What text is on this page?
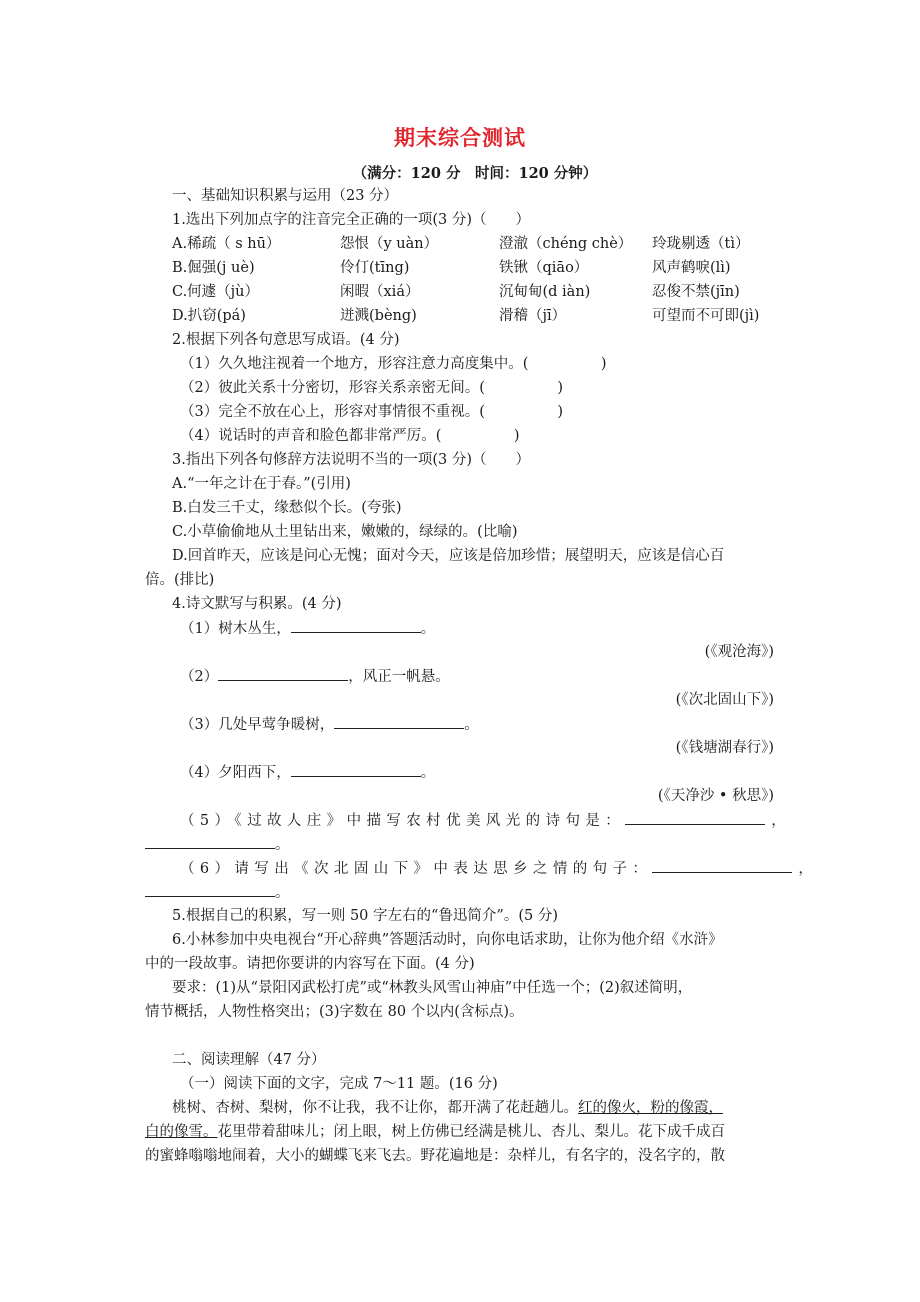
期末综合测试
（满分：120 分　时间：120 分钟）
一、基础知识积累与运用（23 分）
1.选出下列加点字的注音完全正确的一项(3 分)（　　）
A.稀疏（ s hū）	怨恨（y uàn）	澄澈（chéng chè） 玲珑剔透（tì）
B.倔强(j uè)	伶仃(tīng)	铁锹（qiāo）	风声鹤唳(lì)
C.何遽（jù）	闲暇（xiá）	沉甸甸(d iàn)	忍俊不禁(jīn)
D.扒窃(pá)	迸溅(bèng)	滑稽（jī）	可望而不可即(jì)
2.根据下列各句意思写成语。(4 分)
（1）久久地注视着一个地方，形容注意力高度集中。(　　　　　)
（2）彼此关系十分密切，形容关系亲密无间。(　　　　　)
（3）完全不放在心上，形容对事情很不重视。(　　　　　)
（4）说话时的声音和脸色都非常严厉。(　　　　　)
3.指出下列各句修辞方法说明不当的一项(3 分)（　　）
A.“一年之计在于春。”(引用)
B.白发三千丈，缘愁似个长。(夸张)
C.小草偷偷地从土里钻出来，嫩嫩的，绿绿的。(比喻)
D.回首昨天，应该是问心无愧；面对今天，应该是倍加珍惜；展望明天，应该是信心百
倍。(排比)
4.诗文默写与积累。(4 分)
（1）树木丛生，	。
(《观沧海》)
（2）	，风正一帆悬。
(《次北固山下》)
（3）几处早莺争暖树，	。
(《钱塘湖春行》)
（4）夕阳西下，	。
(《天净沙 • 秋思》)
（5）《过故人庄》中描写农村优美风光的诗句是：	，
。
（6）请写出《次北固山下》中表达思乡之情的句子：	，
。
5.根据自己的积累，写一则 50 字左右的“鲁迅简介”。(5 分)
6.小林参加中央电视台“开心辞典”答题活动时，向你电话求助，让你为他介绍《水浒》
中的一段故事。请把你要讲的内容写在下面。(4 分)
要求：(1)从“景阳冈武松打虎”或“林教头风雪山神庙”中任选一个；(2)叙述简明，
情节概括，人物性格突出；(3)字数在 80 个以内(含标点)。
二、阅读理解（47 分）
（一）阅读下面的文字，完成 7～11 题。(16 分)
桃树、杏树、梨树，你不让我，我不让你，都开满了花赶趟儿。红的像火，粉的像霞，
白的像雪。花里带着甜味儿；闭上眼，树上仿佛已经满是桃儿、杏儿、梨儿。花下成千成百
的蜜蜂嗡嗡地闹着，大小的蝴蝶飞来飞去。野花遍地是：杂样儿，有名字的，没名字的，散
